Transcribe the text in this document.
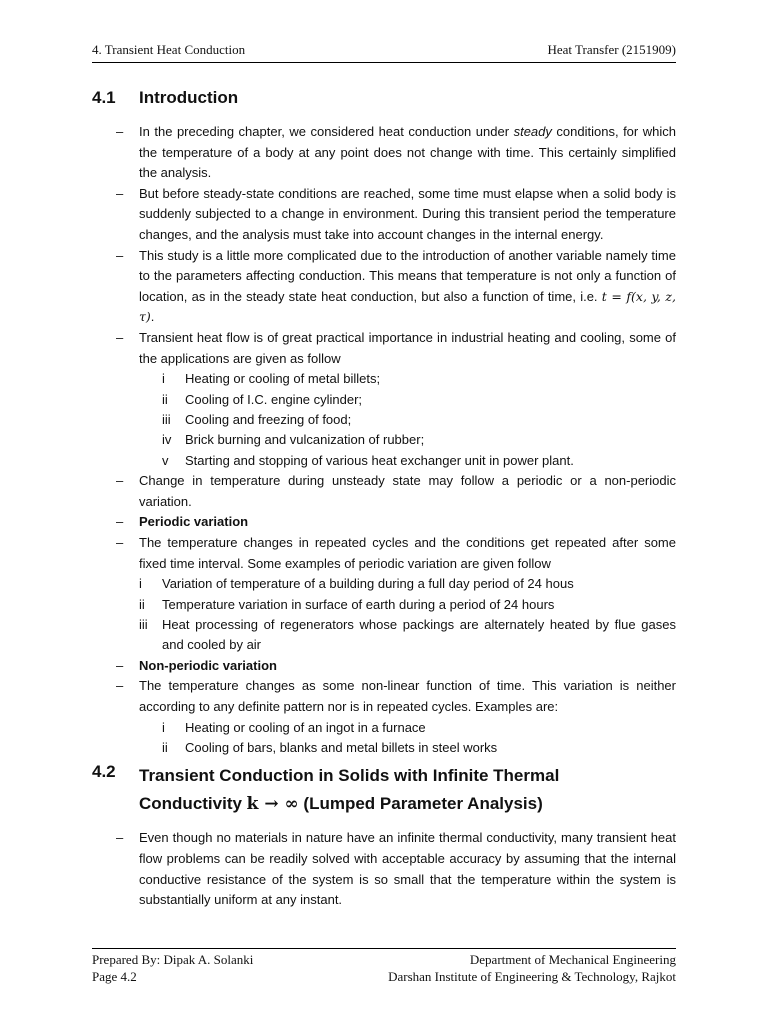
4. Transient Heat Conduction	Heat Transfer (2151909)
4.1	Introduction
–	In the preceding chapter, we considered heat conduction under steady conditions, for which the temperature of a body at any point does not change with time. This certainly simplified the analysis.
–	But before steady-state conditions are reached, some time must elapse when a solid body is suddenly subjected to a change in environment. During this transient period the temperature changes, and the analysis must take into account changes in the internal energy.
–	This study is a little more complicated due to the introduction of another variable namely time to the parameters affecting conduction. This means that temperature is not only a function of location, as in the steady state heat conduction, but also a function of time, i.e. t = f(x, y, z, τ).
–	Transient heat flow is of great practical importance in industrial heating and cooling, some of the applications are given as follow
i	Heating or cooling of metal billets;
ii	Cooling of I.C. engine cylinder;
iii	Cooling and freezing of food;
iv	Brick burning and vulcanization of rubber;
v	Starting and stopping of various heat exchanger unit in power plant.
–	Change in temperature during unsteady state may follow a periodic or a non-periodic variation.
–	Periodic variation
–	The temperature changes in repeated cycles and the conditions get repeated after some fixed time interval. Some examples of periodic variation are given follow
i	Variation of temperature of a building during a full day period of 24 hous
ii	Temperature variation in surface of earth during a period of 24 hours
iii	Heat processing of regenerators whose packings are alternately heated by flue gases and cooled by air
–	Non-periodic variation
–	The temperature changes as some non-linear function of time. This variation is neither according to any definite pattern nor is in repeated cycles. Examples are:
i	Heating or cooling of an ingot in a furnace
ii	Cooling of bars, blanks and metal billets in steel works
4.2	Transient Conduction in Solids with Infinite Thermal
Conductivity k → ∞ (Lumped Parameter Analysis)
–	Even though no materials in nature have an infinite thermal conductivity, many transient heat flow problems can be readily solved with acceptable accuracy by assuming that the internal conductive resistance of the system is so small that the temperature within the system is substantially uniform at any instant.
Prepared By: Dipak A. Solanki	Department of Mechanical Engineering
Page 4.2	Darshan Institute of Engineering & Technology, Rajkot
